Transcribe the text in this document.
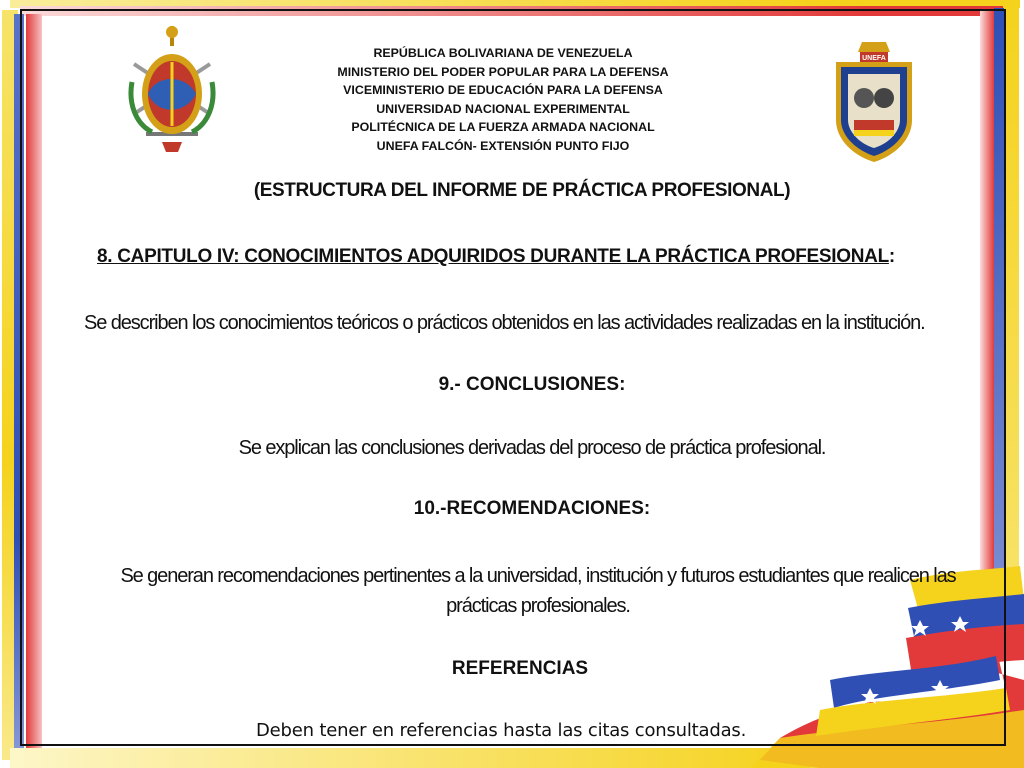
UNEFA
REPÚBLICA BOLIVARIANA DE VENEZUELA
MINISTERIO DEL PODER POPULAR PARA LA DEFENSA
VICEMINISTERIO DE EDUCACIÓN PARA LA DEFENSA
UNIVERSIDAD NACIONAL EXPERIMENTAL
POLITÉCNICA DE LA FUERZA ARMADA NACIONAL
UNEFA FALCÓN- EXTENSIÓN PUNTO FIJO
(ESTRUCTURA DEL INFORME DE PRÁCTICA PROFESIONAL)
8. CAPITULO IV: CONOCIMIENTOS ADQUIRIDOS DURANTE LA PRÁCTICA PROFESIONAL:
Se describen los conocimientos teóricos o prácticos obtenidos en las actividades realizadas en la institución.
9.- CONCLUSIONES:
Se explican las conclusiones derivadas del proceso de práctica profesional.
10.-RECOMENDACIONES:
Se generan recomendaciones pertinentes a la universidad, institución y futuros estudiantes que realicen las prácticas profesionales.
REFERENCIAS
Deben tener en referencias hasta las citas consultadas.
